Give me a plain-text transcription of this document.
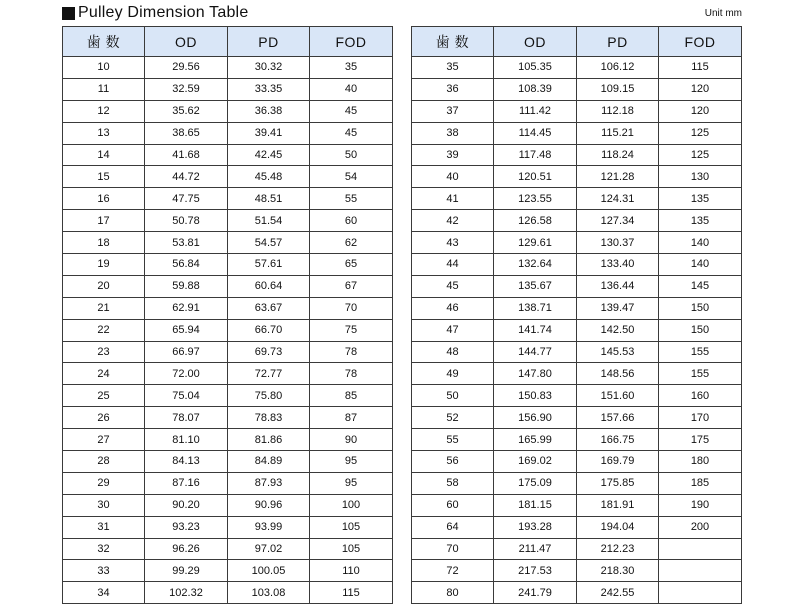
Pulley Dimension Table	Unit mm
歯 数	OD	PD	FOD
10	29.56	30.32	35
11	32.59	33.35	40
12	35.62	36.38	45
13	38.65	39.41	45
14	41.68	42.45	50
15	44.72	45.48	54
16	47.75	48.51	55
17	50.78	51.54	60
18	53.81	54.57	62
19	56.84	57.61	65
20	59.88	60.64	67
21	62.91	63.67	70
22	65.94	66.70	75
23	66.97	69.73	78
24	72.00	72.77	78
25	75.04	75.80	85
26	78.07	78.83	87
27	81.10	81.86	90
28	84.13	84.89	95
29	87.16	87.93	95
30	90.20	90.96	100
31	93.23	93.99	105
32	96.26	97.02	105
33	99.29	100.05	110
34	102.32	103.08	115
歯 数	OD	PD	FOD
35	105.35	106.12	115
36	108.39	109.15	120
37	111.42	112.18	120
38	114.45	115.21	125
39	117.48	118.24	125
40	120.51	121.28	130
41	123.55	124.31	135
42	126.58	127.34	135
43	129.61	130.37	140
44	132.64	133.40	140
45	135.67	136.44	145
46	138.71	139.47	150
47	141.74	142.50	150
48	144.77	145.53	155
49	147.80	148.56	155
50	150.83	151.60	160
52	156.90	157.66	170
55	165.99	166.75	175
56	169.02	169.79	180
58	175.09	175.85	185
60	181.15	181.91	190
64	193.28	194.04	200
70	211.47	212.23	
72	217.53	218.30	
80	241.79	242.55	
